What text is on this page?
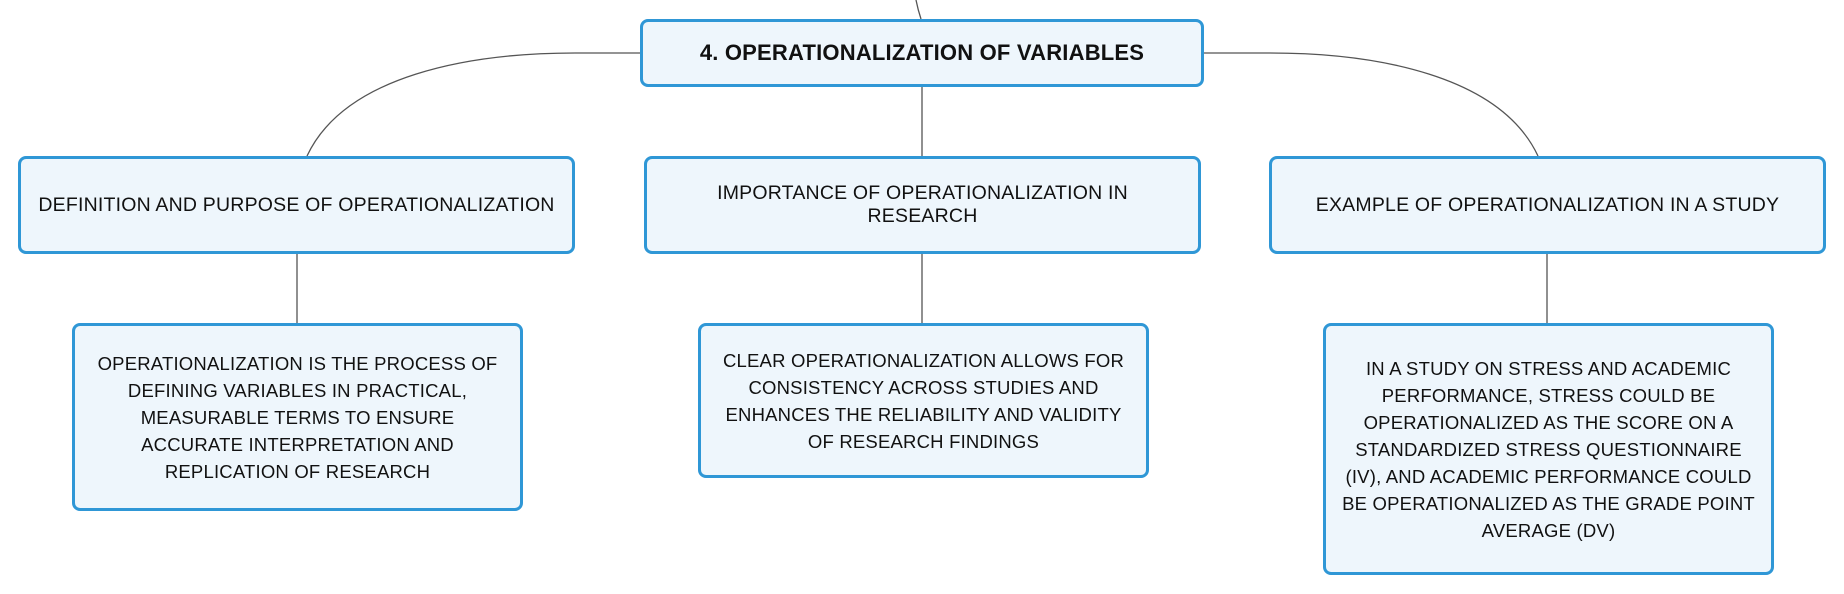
4. OPERATIONALIZATION OF VARIABLES
DEFINITION AND PURPOSE OF OPERATIONALIZATION
IMPORTANCE OF OPERATIONALIZATION IN RESEARCH
EXAMPLE OF OPERATIONALIZATION IN A STUDY
OPERATIONALIZATION IS THE PROCESS OF DEFINING VARIABLES IN PRACTICAL, MEASURABLE TERMS TO ENSURE ACCURATE INTERPRETATION AND REPLICATION OF RESEARCH
CLEAR OPERATIONALIZATION ALLOWS FOR CONSISTENCY ACROSS STUDIES AND ENHANCES THE RELIABILITY AND VALIDITY OF RESEARCH FINDINGS
IN A STUDY ON STRESS AND ACADEMIC PERFORMANCE, STRESS COULD BE OPERATIONALIZED AS THE SCORE ON A STANDARDIZED STRESS QUESTIONNAIRE (IV), AND ACADEMIC PERFORMANCE COULD BE OPERATIONALIZED AS THE GRADE POINT AVERAGE (DV)
